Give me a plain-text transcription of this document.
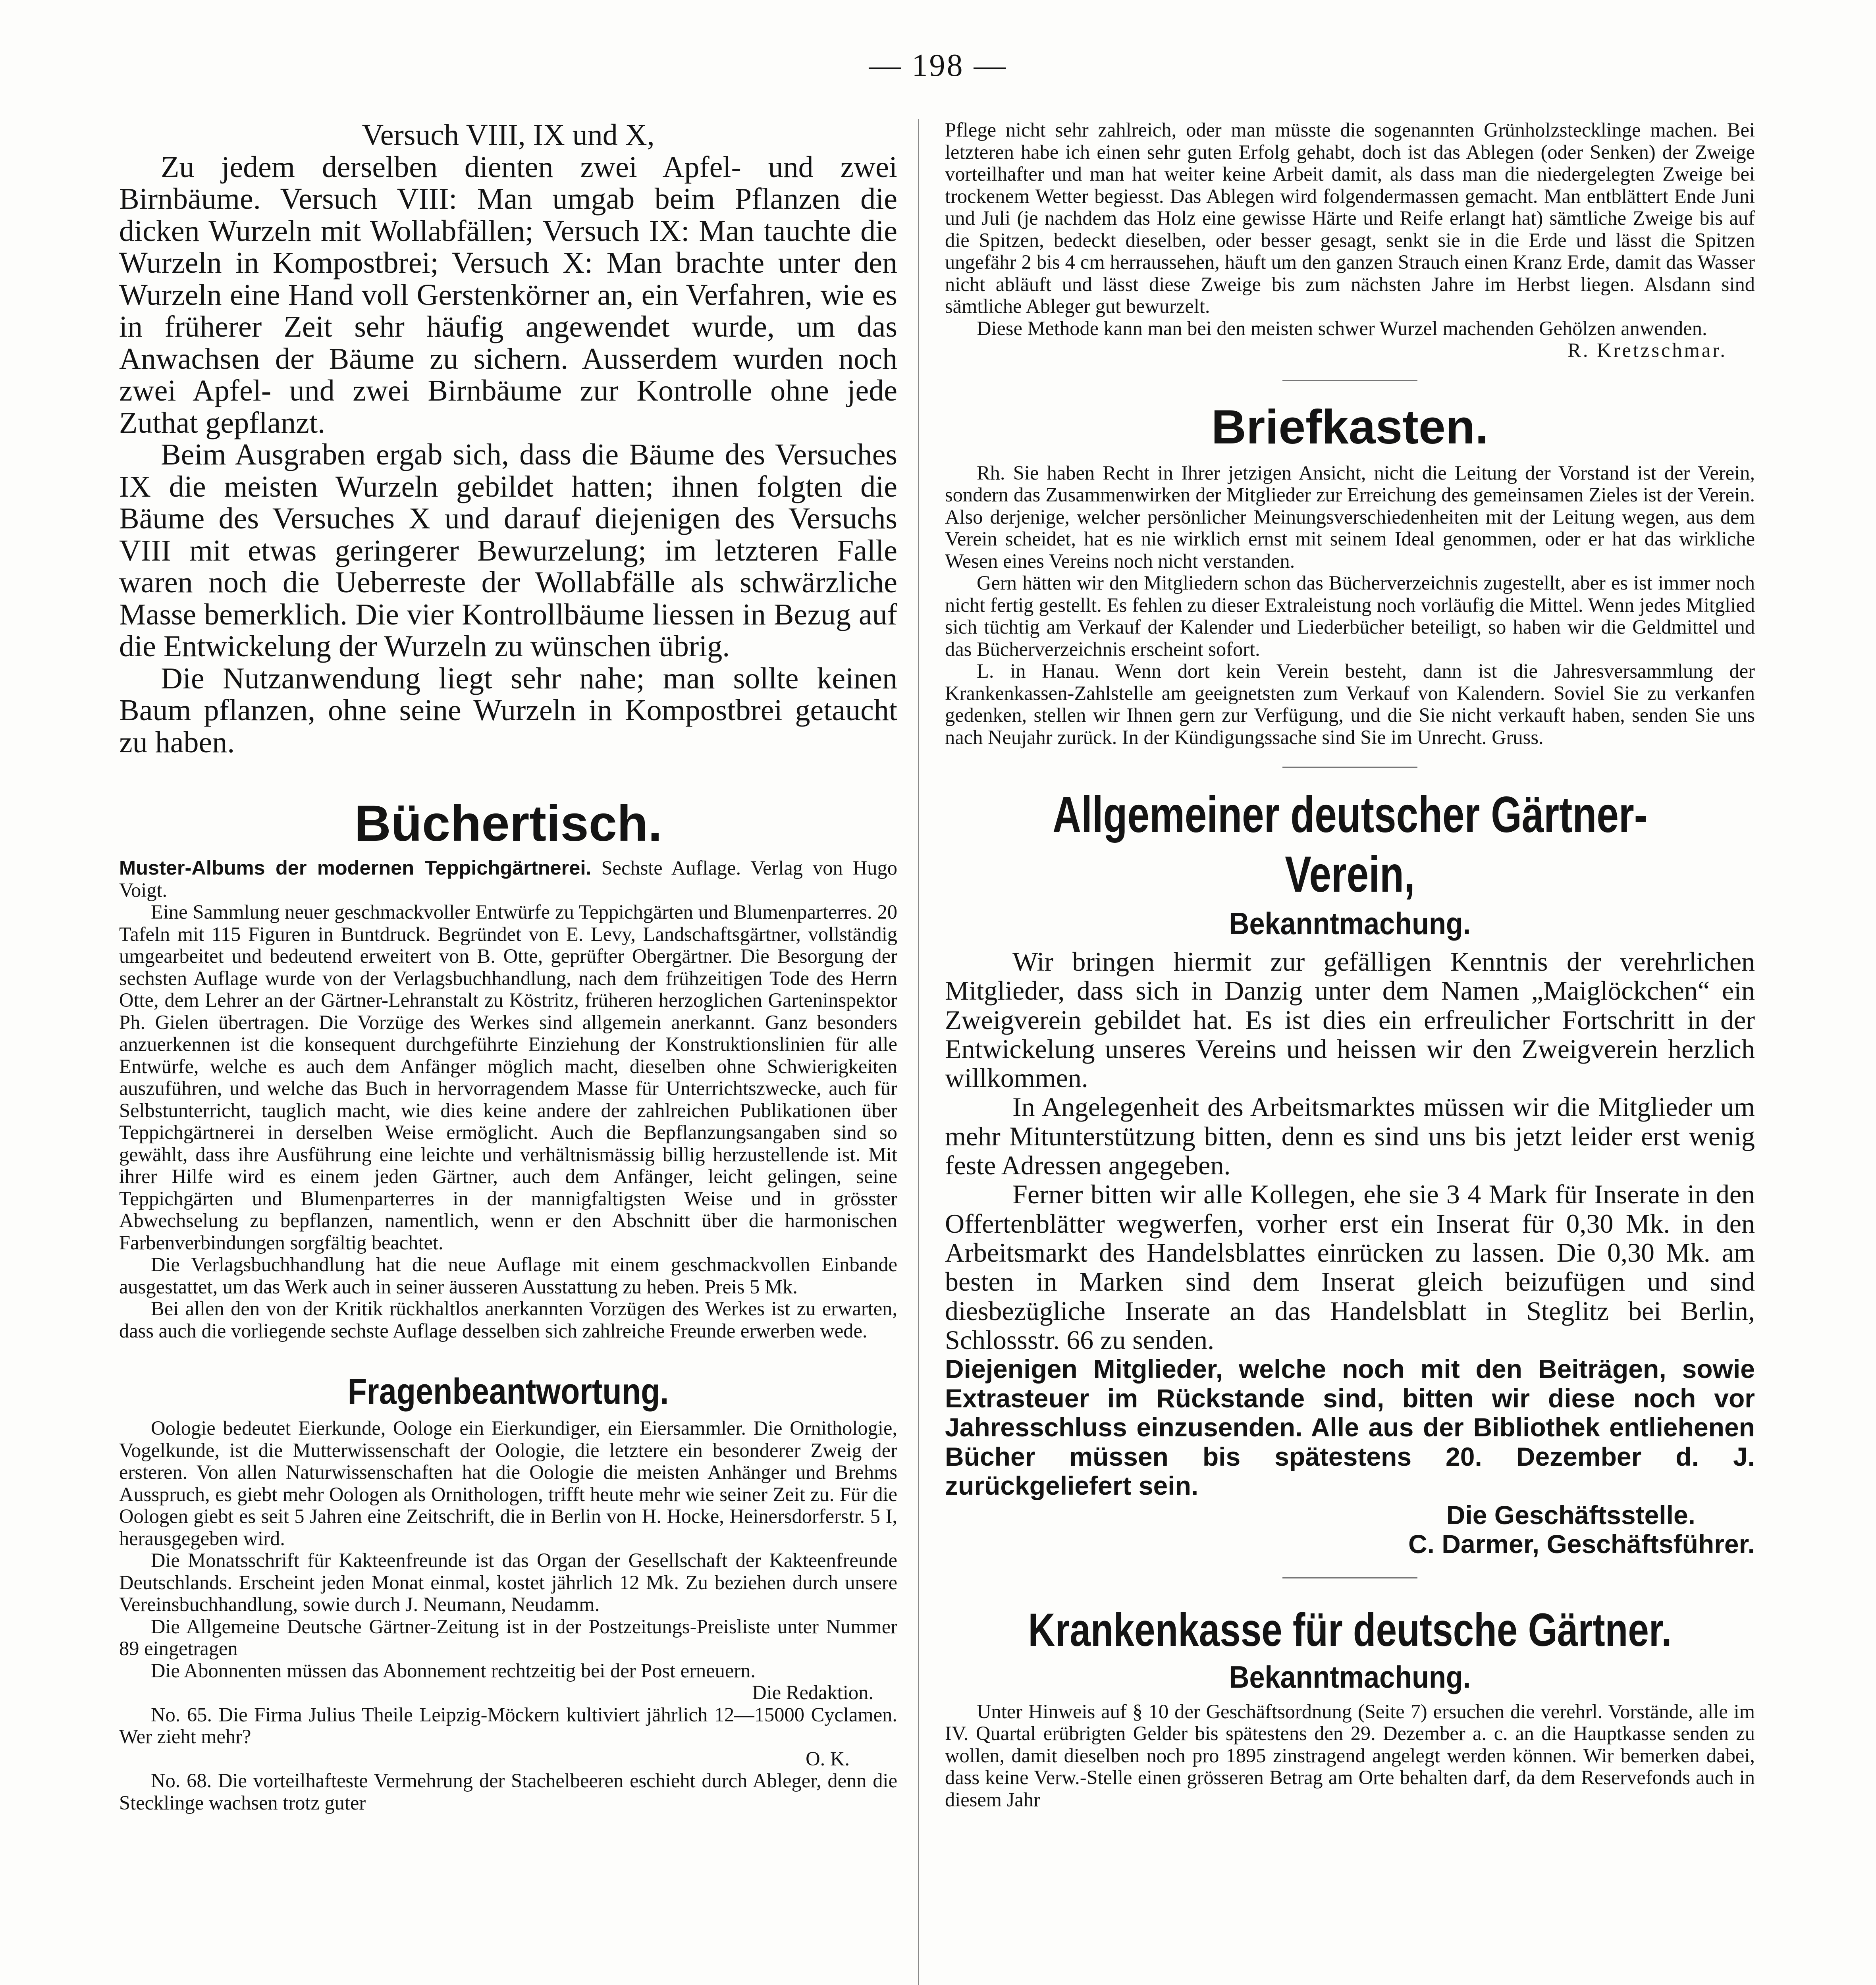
— 198 —

Versuch VIII, IX und X,

Zu jedem derselben dienten zwei Apfel- und zwei Birnbäume. Versuch VIII: Man umgab beim Pflanzen die dicken Wurzeln mit Wollabfällen; Versuch IX: Man tauchte die Wurzeln in Kompostbrei; Versuch X: Man brachte unter den Wurzeln eine Hand voll Gerstenkörner an, ein Verfahren, wie es in früherer Zeit sehr häufig angewendet wurde, um das Anwachsen der Bäume zu sichern. Ausserdem wurden noch zwei Apfel- und zwei Birnbäume zur Kontrolle ohne jede Zuthat gepflanzt.

Beim Ausgraben ergab sich, dass die Bäume des Versuches IX die meisten Wurzeln gebildet hatten; ihnen folgten die Bäume des Versuches X und darauf diejenigen des Versuchs VIII mit etwas geringerer Bewurzelung; im letzteren Falle waren noch die Ueberreste der Wollabfälle als schwärzliche Masse bemerklich. Die vier Kontrollbäume liessen in Bezug auf die Entwickelung der Wurzeln zu wünschen übrig.

Die Nutzanwendung liegt sehr nahe; man sollte keinen Baum pflanzen, ohne seine Wurzeln in Kompostbrei getaucht zu haben.

Büchertisch.

Muster-Albums der modernen Teppichgärtnerei. Sechste Auflage. Verlag von Hugo Voigt.

Eine Sammlung neuer geschmackvoller Entwürfe zu Teppichgärten und Blumenparterres. 20 Tafeln mit 115 Figuren in Buntdruck. Begründet von E. Levy, Landschaftsgärtner, vollständig umgearbeitet und bedeutend erweitert von B. Otte, geprüfter Obergärtner. Die Besorgung der sechsten Auflage wurde von der Verlagsbuchhandlung, nach dem frühzeitigen Tode des Herrn Otte, dem Lehrer an der Gärtner-Lehranstalt zu Köstritz, früheren herzoglichen Garteninspektor Ph. Gielen übertragen. Die Vorzüge des Werkes sind allgemein anerkannt. Ganz besonders anzuerkennen ist die konsequent durchgeführte Einziehung der Konstruktionslinien für alle Entwürfe, welche es auch dem Anfänger möglich macht, dieselben ohne Schwierigkeiten auszuführen, und welche das Buch in hervorragendem Masse für Unterrichtszwecke, auch für Selbstunterricht, tauglich macht, wie dies keine andere der zahlreichen Publikationen über Teppichgärtnerei in derselben Weise ermöglicht. Auch die Bepflanzungsangaben sind so gewählt, dass ihre Ausführung eine leichte und verhältnismässig billig herzustellende ist. Mit ihrer Hilfe wird es einem jeden Gärtner, auch dem Anfänger, leicht gelingen, seine Teppichgärten und Blumenparterres in der mannigfaltigsten Weise und in grösster Abwechselung zu bepflanzen, namentlich, wenn er den Abschnitt über die harmonischen Farbenverbindungen sorgfältig beachtet.

Die Verlagsbuchhandlung hat die neue Auflage mit einem geschmackvollen Einbande ausgestattet, um das Werk auch in seiner äusseren Ausstattung zu heben. Preis 5 Mk.

Bei allen den von der Kritik rückhaltlos anerkannten Vorzügen des Werkes ist zu erwarten, dass auch die vorliegende sechste Auflage desselben sich zahlreiche Freunde erwerben wede.

Fragenbeantwortung.

Oologie bedeutet Eierkunde, Oologe ein Eierkundiger, ein Eiersammler. Die Ornithologie, Vogelkunde, ist die Mutterwissenschaft der Oologie, die letztere ein besonderer Zweig der ersteren. Von allen Naturwissenschaften hat die Oologie die meisten Anhänger und Brehms Ausspruch, es giebt mehr Oologen als Ornithologen, trifft heute mehr wie seiner Zeit zu. Für die Oologen giebt es seit 5 Jahren eine Zeitschrift, die in Berlin von H. Hocke, Heinersdorferstr. 5 I, herausgegeben wird.

Die Monatsschrift für Kakteenfreunde ist das Organ der Gesellschaft der Kakteenfreunde Deutschlands. Erscheint jeden Monat einmal, kostet jährlich 12 Mk. Zu beziehen durch unsere Vereinsbuchhandlung, sowie durch J. Neumann, Neudamm.

Die Allgemeine Deutsche Gärtner-Zeitung ist in der Postzeitungs-Preisliste unter Nummer 89 eingetragen

Die Abonnenten müssen das Abonnement rechtzeitig bei der Post erneuern.

Die Redaktion.

No. 65. Die Firma Julius Theile Leipzig-Möckern kultiviert jährlich 12—15000 Cyclamen. Wer zieht mehr?

O. K.

No. 68. Die vorteilhafteste Vermehrung der Stachelbeeren eschieht durch Ableger, denn die Stecklinge wachsen trotz guter

Pflege nicht sehr zahlreich, oder man müsste die sogenannten Grünholzstecklinge machen. Bei letzteren habe ich einen sehr guten Erfolg gehabt, doch ist das Ablegen (oder Senken) der Zweige vorteilhafter und man hat weiter keine Arbeit damit, als dass man die niedergelegten Zweige bei trockenem Wetter begiesst. Das Ablegen wird folgendermassen gemacht. Man entblättert Ende Juni und Juli (je nachdem das Holz eine gewisse Härte und Reife erlangt hat) sämtliche Zweige bis auf die Spitzen, bedeckt dieselben, oder besser gesagt, senkt sie in die Erde und lässt die Spitzen ungefähr 2 bis 4 cm herraussehen, häuft um den ganzen Strauch einen Kranz Erde, damit das Wasser nicht abläuft und lässt diese Zweige bis zum nächsten Jahre im Herbst liegen. Alsdann sind sämtliche Ableger gut bewurzelt.

Diese Methode kann man bei den meisten schwer Wurzel machenden Gehölzen anwenden.

R. Kretzschmar.

Briefkasten.

Rh. Sie haben Recht in Ihrer jetzigen Ansicht, nicht die Leitung der Vorstand ist der Verein, sondern das Zusammenwirken der Mitglieder zur Erreichung des gemeinsamen Zieles ist der Verein. Also derjenige, welcher persönlicher Meinungsverschiedenheiten mit der Leitung wegen, aus dem Verein scheidet, hat es nie wirklich ernst mit seinem Ideal genommen, oder er hat das wirkliche Wesen eines Vereins noch nicht verstanden.

Gern hätten wir den Mitgliedern schon das Bücherverzeichnis zugestellt, aber es ist immer noch nicht fertig gestellt. Es fehlen zu dieser Extraleistung noch vorläufig die Mittel. Wenn jedes Mitglied sich tüchtig am Verkauf der Kalender und Liederbücher beteiligt, so haben wir die Geldmittel und das Bücherverzeichnis erscheint sofort.

L. in Hanau. Wenn dort kein Verein besteht, dann ist die Jahresversammlung der Krankenkassen-Zahlstelle am geeignetsten zum Verkauf von Kalendern. Soviel Sie zu verkanfen gedenken, stellen wir Ihnen gern zur Verfügung, und die Sie nicht verkauft haben, senden Sie uns nach Neujahr zurück. In der Kündigungssache sind Sie im Unrecht. Gruss.

Allgemeiner deutscher Gärtner-Verein,
Bekanntmachung.

Wir bringen hiermit zur gefälligen Kenntnis der verehrlichen Mitglieder, dass sich in Danzig unter dem Namen „Maiglöckchen“ ein Zweigverein gebildet hat. Es ist dies ein erfreulicher Fortschritt in der Entwickelung unseres Vereins und heissen wir den Zweigverein herzlich willkommen.

In Angelegenheit des Arbeitsmarktes müssen wir die Mitglieder um mehr Mitunterstützung bitten, denn es sind uns bis jetzt leider erst wenig feste Adressen angegeben.

Ferner bitten wir alle Kollegen, ehe sie 3 4 Mark für Inserate in den Offertenblätter wegwerfen, vorher erst ein Inserat für 0,30 Mk. in den Arbeitsmarkt des Handelsblattes einrücken zu lassen. Die 0,30 Mk. am besten in Marken sind dem Inserat gleich beizufügen und sind diesbezügliche Inserate an das Handelsblatt in Steglitz bei Berlin, Schlossstr. 66 zu senden.

Diejenigen Mitglieder, welche noch mit den Beiträgen, sowie Extrasteuer im Rückstande sind, bitten wir diese noch vor Jahresschluss einzusenden. Alle aus der Bibliothek entliehenen Bücher müssen bis spätestens 20. Dezember d. J. zurückgeliefert sein.

Die Geschäftsstelle.

C. Darmer, Geschäftsführer.

Krankenkasse für deutsche Gärtner.
Bekanntmachung.

Unter Hinweis auf § 10 der Geschäftsordnung (Seite 7) ersuchen die verehrl. Vorstände, alle im IV. Quartal erübrigten Gelder bis spätestens den 29. Dezember a. c. an die Hauptkasse senden zu wollen, damit dieselben noch pro 1895 zinstragend angelegt werden können. Wir bemerken dabei, dass keine Verw.-Stelle einen grösseren Betrag am Orte behalten darf, da dem Reservefonds auch in diesem Jahr
